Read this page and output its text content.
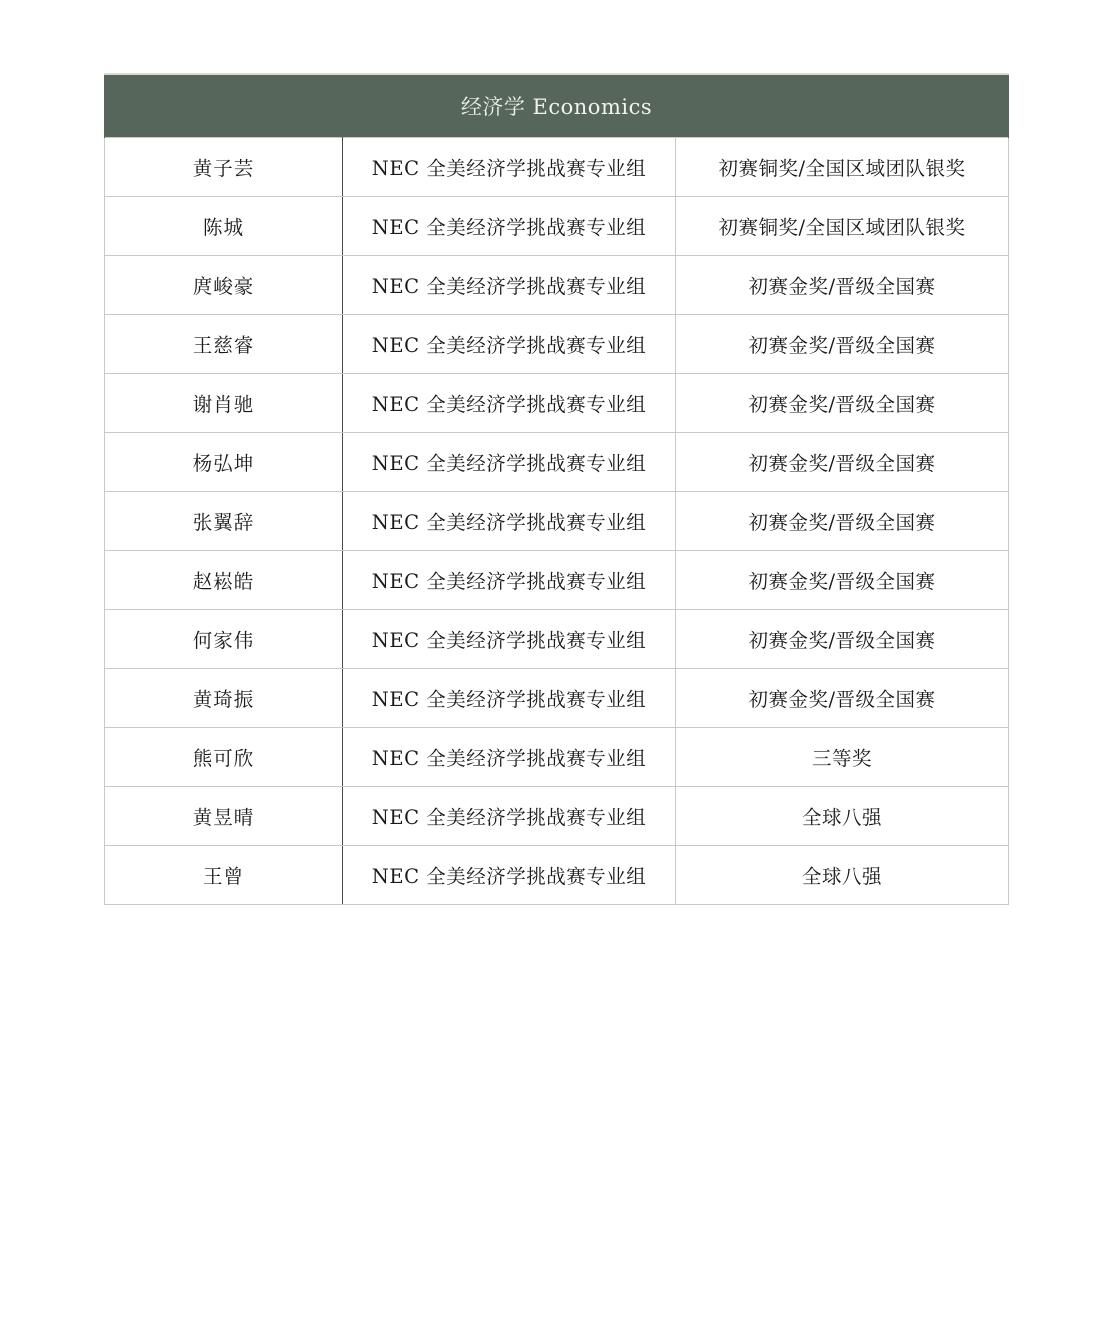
经济学 Economics		
黄子芸	NEC 全美经济学挑战赛专业组	初赛铜奖/全国区域团队银奖
陈城	NEC 全美经济学挑战赛专业组	初赛铜奖/全国区域团队银奖
庹峻豪	NEC 全美经济学挑战赛专业组	初赛金奖/晋级全国赛
王慈睿	NEC 全美经济学挑战赛专业组	初赛金奖/晋级全国赛
谢肖驰	NEC 全美经济学挑战赛专业组	初赛金奖/晋级全国赛
杨弘坤	NEC 全美经济学挑战赛专业组	初赛金奖/晋级全国赛
张翼辞	NEC 全美经济学挑战赛专业组	初赛金奖/晋级全国赛
赵崧皓	NEC 全美经济学挑战赛专业组	初赛金奖/晋级全国赛
何家伟	NEC 全美经济学挑战赛专业组	初赛金奖/晋级全国赛
黄琦振	NEC 全美经济学挑战赛专业组	初赛金奖/晋级全国赛
熊可欣	NEC 全美经济学挑战赛专业组	三等奖
黄昱晴	NEC 全美经济学挑战赛专业组	全球八强
王曾	NEC 全美经济学挑战赛专业组	全球八强
